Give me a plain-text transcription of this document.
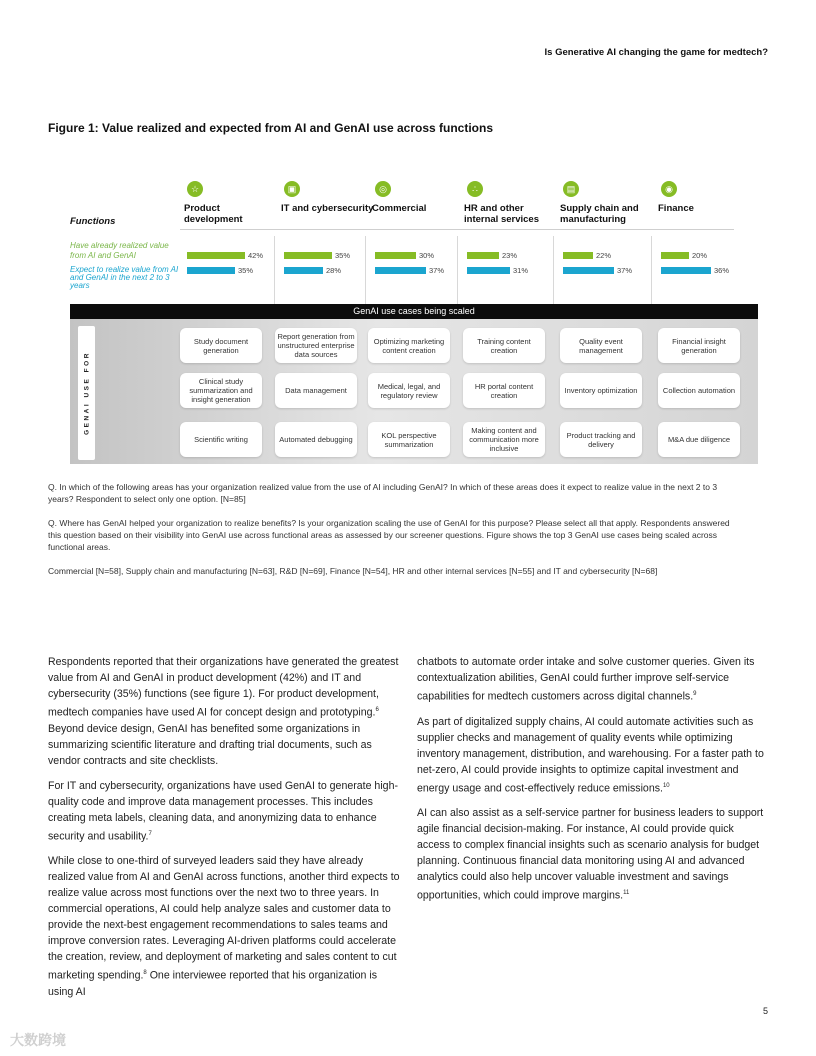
Is Generative AI changing the game for medtech?
Figure 1: Value realized and expected from AI and GenAI use across functions
Functions
Have already realized value from AI and GenAI
Expect to realize value from AI and GenAI in the next 2 to 3 years
☆
Product development
42%
35%
▣
IT and cybersecurity
35%
28%
◎
Commercial
30%
37%
∴
HR and other internal services
23%
31%
▤
Supply chain and manufacturing
22%
37%
◉
Finance
20%
36%
GenAI use cases being scaled
GENAI USE FOR
Study document generation
Clinical study summarization and insight generation
Scientific writing
Report generation from unstructured enterprise data sources
Data management
Automated debugging
Optimizing marketing content creation
Medical, legal, and regulatory review
KOL perspective summarization
Training content creation
HR portal content creation
Making content and communication more inclusive
Quality event management
Inventory optimization
Product tracking and delivery
Financial insight generation
Collection automation
M&A due diligence
Q. In which of the following areas has your organization realized value from the use of AI including GenAI? In which of these areas does it expect to realize value in the next 2 to 3 years? Respondent to select only one option. [N=85]
Q. Where has GenAI helped your organization to realize benefits? Is your organization scaling the use of GenAI for this purpose? Please select all that apply. Respondents answered this question based on their visibility into GenAI use across functional areas as assessed by our screener questions. Figure shows the top 3 GenAI use cases being scaled across functional areas.
Commercial [N=58], Supply chain and manufacturing [N=63], R&D [N=69], Finance [N=54], HR and other internal services [N=55] and IT and cybersecurity [N=68]

Respondents reported that their organizations have generated the greatest value from AI and GenAI in product development (42%) and IT and cybersecurity (35%) functions (see figure 1). For product development, medtech companies have used AI for concept design and prototyping.$^6$ Beyond device design, GenAI has benefited some organizations in summarizing scientific literature and drafting trial documents, such as vendor contracts and site checklists.

For IT and cybersecurity, organizations have used GenAI to generate high-quality code and improve data management processes. This includes creating meta labels, cleaning data, and anonymizing data to enhance security and usability.$^7$

While close to one-third of surveyed leaders said they have already realized value from AI and GenAI across functions, another third expects to realize value across most functions over the next two to three years. In commercial operations, AI could help analyze sales and customer data to provide the next-best engagement recommendations to sales teams and improve conversion rates. Leveraging AI-driven platforms could accelerate the creation, review, and deployment of marketing and sales content to cut marketing spending.$^8$ One interviewee reported that his organization is using AI

chatbots to automate order intake and solve customer queries. Given its contextualization abilities, GenAI could further improve self-service capabilities for medtech customers across digital channels.$^9$

As part of digitalized supply chains, AI could automate activities such as supplier checks and management of quality events while optimizing inventory management, distribution, and warehousing. For a faster path to net-zero, AI could provide insights to optimize capital investment and energy usage and cost-effectively reduce emissions.$^{10}$

AI can also assist as a self-service partner for business leaders to support agile financial decision-making. For instance, AI could provide quick access to complex financial insights such as scenario analysis for budget planning. Continuous financial data monitoring using AI and advanced analytics could also help uncover valuable investment and savings opportunities, which could improve margins.$^{11}$

5
大数跨境
